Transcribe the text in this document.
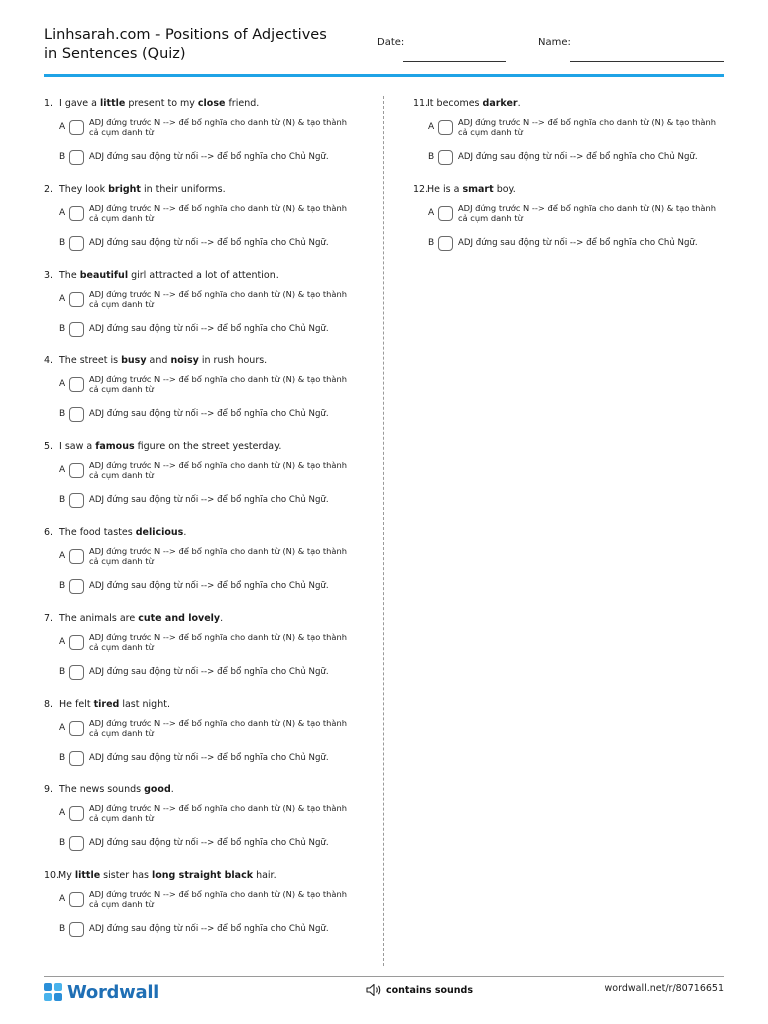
Linhsarah.com - Positions of Adjectives in Sentences (Quiz)
Date:	Name:
1. I gave a little present to my close friend.
A	ADJ đứng trước N --> để bổ nghĩa cho danh từ (N) & tạo thành cả cụm danh từ
B	ADJ đứng sau động từ nối --> để bổ nghĩa cho Chủ Ngữ.
2. They look bright in their uniforms.
A	ADJ đứng trước N --> để bổ nghĩa cho danh từ (N) & tạo thành cả cụm danh từ
B	ADJ đứng sau động từ nối --> để bổ nghĩa cho Chủ Ngữ.
3. The beautiful girl attracted a lot of attention.
A	ADJ đứng trước N --> để bổ nghĩa cho danh từ (N) & tạo thành cả cụm danh từ
B	ADJ đứng sau động từ nối --> để bổ nghĩa cho Chủ Ngữ.
4. The street is busy and noisy in rush hours.
A	ADJ đứng trước N --> để bổ nghĩa cho danh từ (N) & tạo thành cả cụm danh từ
B	ADJ đứng sau động từ nối --> để bổ nghĩa cho Chủ Ngữ.
5. I saw a famous figure on the street yesterday.
A	ADJ đứng trước N --> để bổ nghĩa cho danh từ (N) & tạo thành cả cụm danh từ
B	ADJ đứng sau động từ nối --> để bổ nghĩa cho Chủ Ngữ.
6. The food tastes delicious.
A	ADJ đứng trước N --> để bổ nghĩa cho danh từ (N) & tạo thành cả cụm danh từ
B	ADJ đứng sau động từ nối --> để bổ nghĩa cho Chủ Ngữ.
7. The animals are cute and lovely.
A	ADJ đứng trước N --> để bổ nghĩa cho danh từ (N) & tạo thành cả cụm danh từ
B	ADJ đứng sau động từ nối --> để bổ nghĩa cho Chủ Ngữ.
8. He felt tired last night.
A	ADJ đứng trước N --> để bổ nghĩa cho danh từ (N) & tạo thành cả cụm danh từ
B	ADJ đứng sau động từ nối --> để bổ nghĩa cho Chủ Ngữ.
9. The news sounds good.
A	ADJ đứng trước N --> để bổ nghĩa cho danh từ (N) & tạo thành cả cụm danh từ
B	ADJ đứng sau động từ nối --> để bổ nghĩa cho Chủ Ngữ.
10.My little sister has long straight black hair.
A	ADJ đứng trước N --> để bổ nghĩa cho danh từ (N) & tạo thành cả cụm danh từ
B	ADJ đứng sau động từ nối --> để bổ nghĩa cho Chủ Ngữ.
11.It becomes darker.
A	ADJ đứng trước N --> để bổ nghĩa cho danh từ (N) & tạo thành cả cụm danh từ
B	ADJ đứng sau động từ nối --> để bổ nghĩa cho Chủ Ngữ.
12.He is a smart boy.
A	ADJ đứng trước N --> để bổ nghĩa cho danh từ (N) & tạo thành cả cụm danh từ
B	ADJ đứng sau động từ nối --> để bổ nghĩa cho Chủ Ngữ.
Wordwall	contains sounds	wordwall.net/r/80716651
